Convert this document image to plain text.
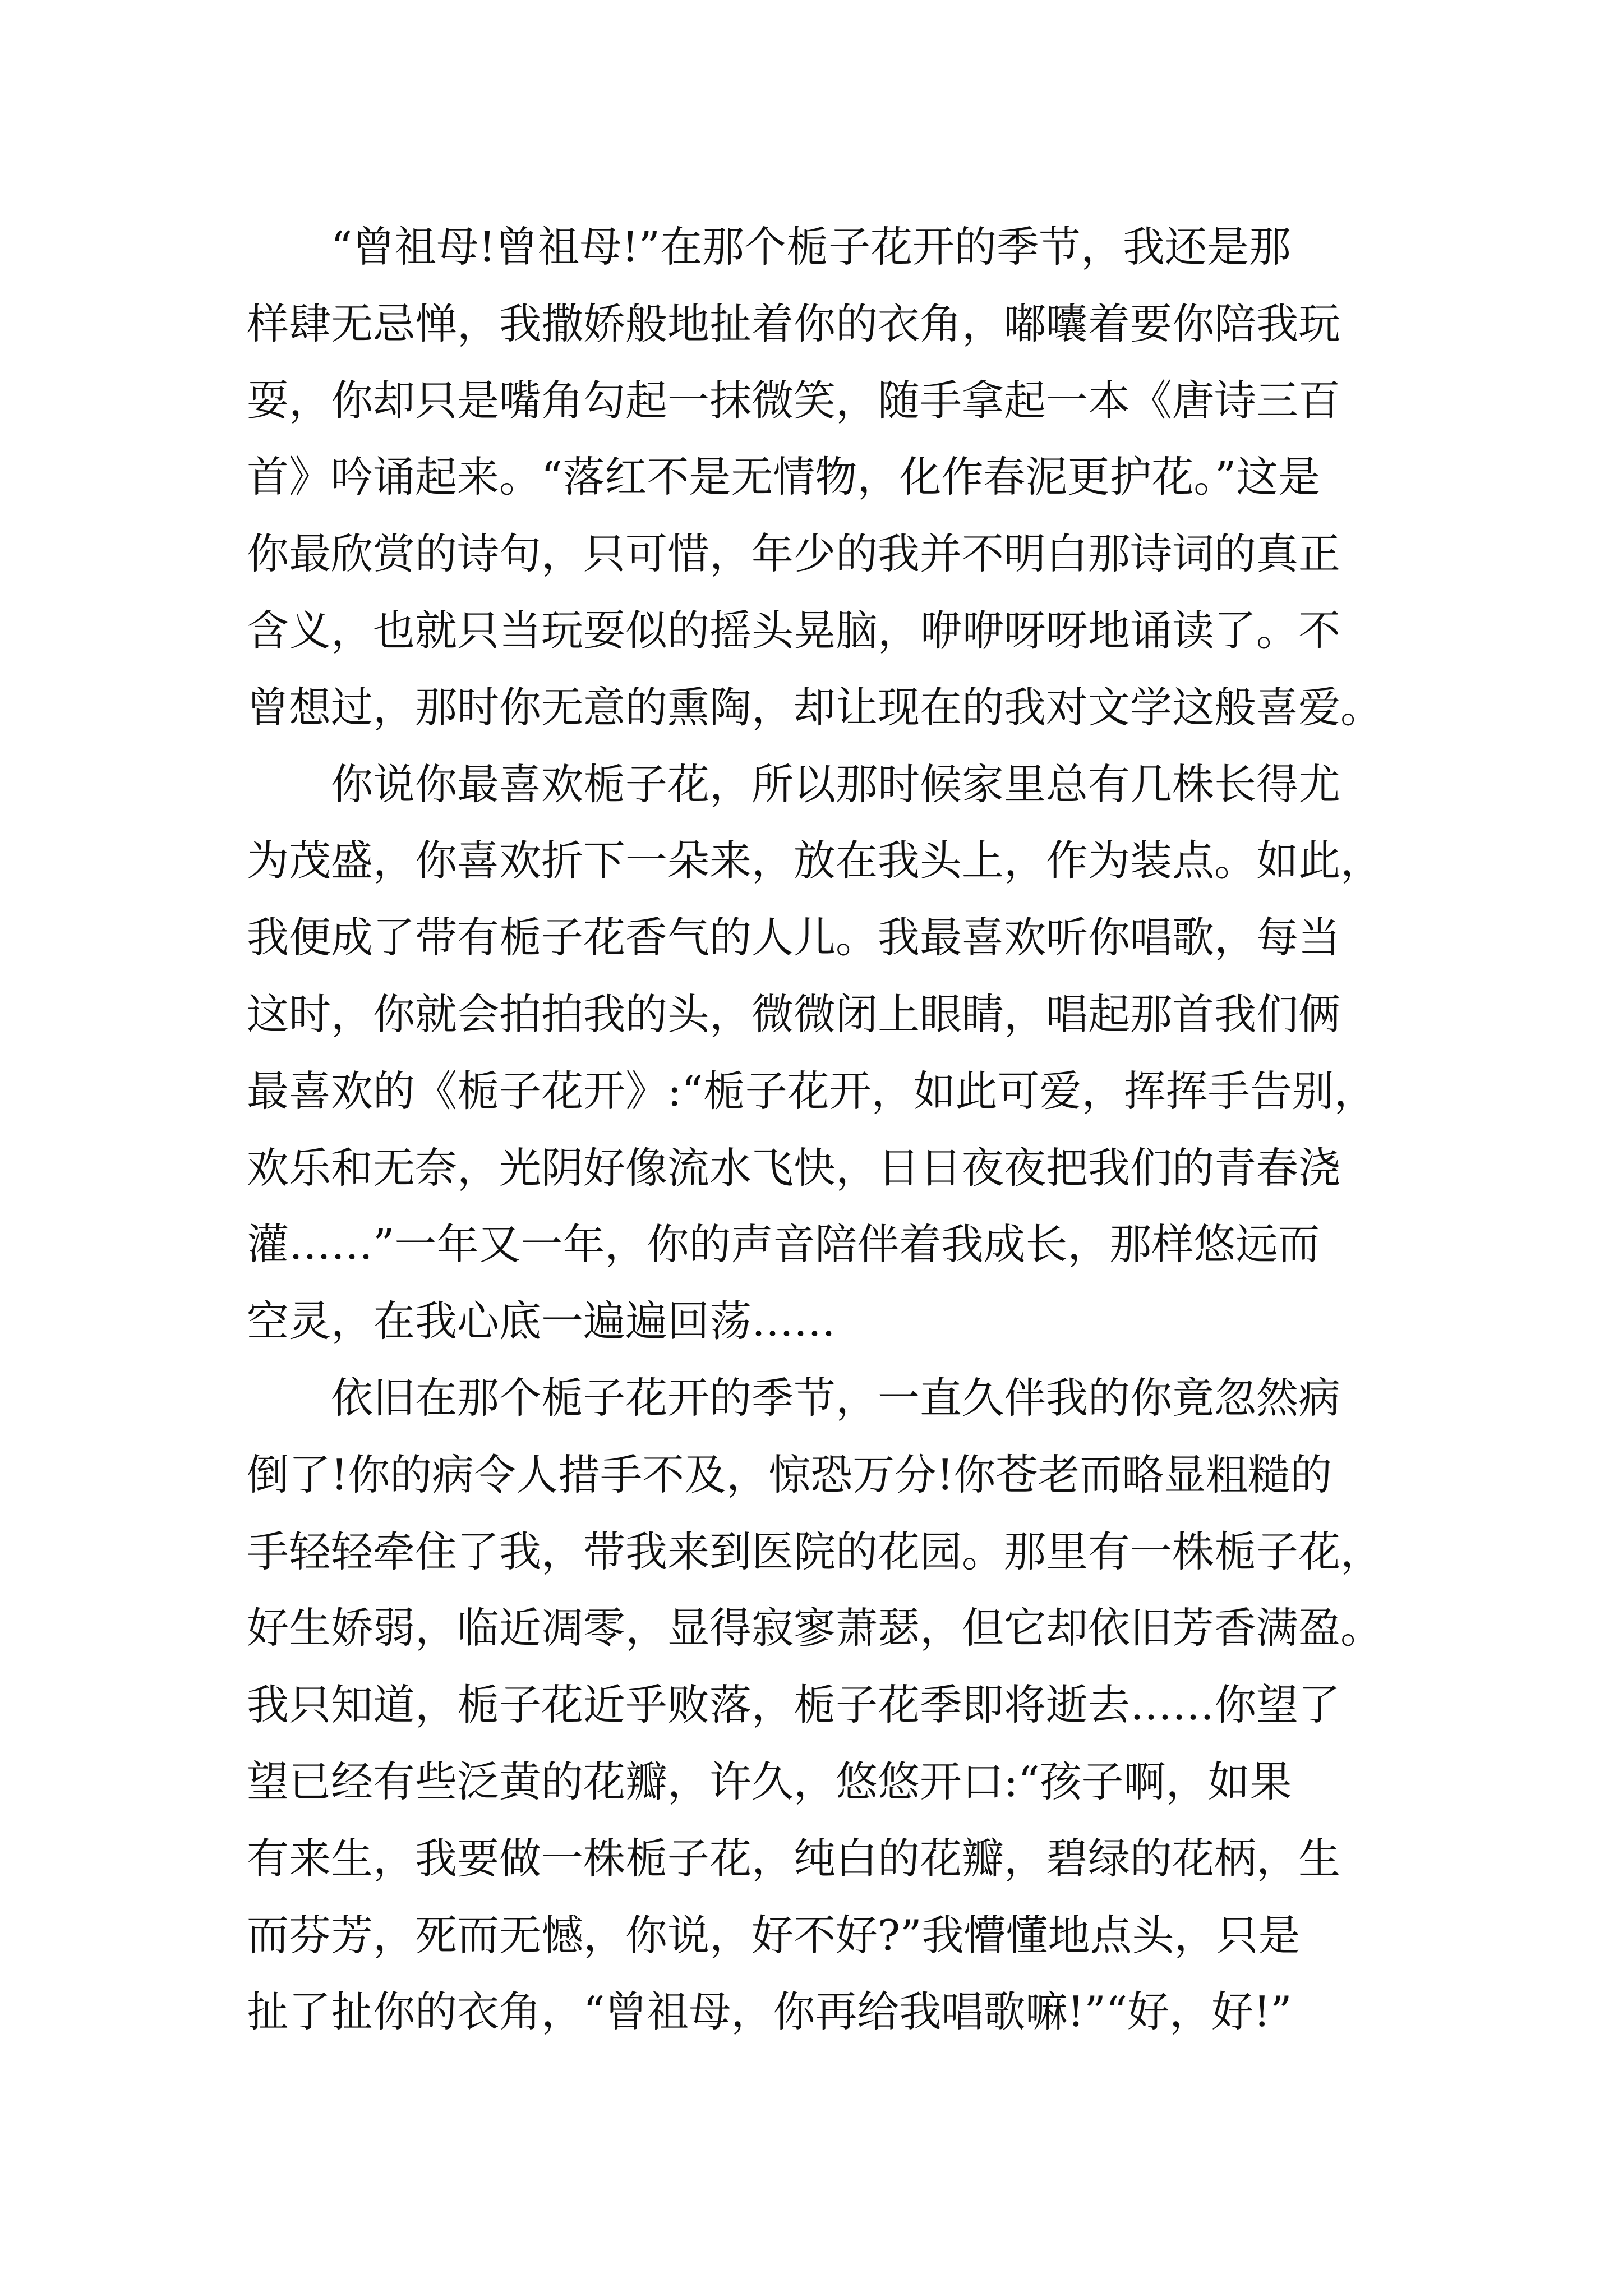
“曾祖母!曾祖母!”在那个栀子花开的季节，我还是那
样肆无忌惮，我撒娇般地扯着你的衣角，嘟囔着要你陪我玩
耍，你却只是嘴角勾起一抹微笑，随手拿起一本《唐诗三百
首》吟诵起来。“落红不是无情物，化作春泥更护花。”这是
你最欣赏的诗句，只可惜，年少的我并不明白那诗词的真正
含义，也就只当玩耍似的摇头晃脑，咿咿呀呀地诵读了。不
曾想过，那时你无意的熏陶，却让现在的我对文学这般喜爱。
你说你最喜欢栀子花，所以那时候家里总有几株长得尤
为茂盛，你喜欢折下一朵来，放在我头上，作为装点。如此，
我便成了带有栀子花香气的人儿。我最喜欢听你唱歌，每当
这时，你就会拍拍我的头，微微闭上眼睛，唱起那首我们俩
最喜欢的《栀子花开》:“栀子花开，如此可爱，挥挥手告别，
欢乐和无奈，光阴好像流水飞快，日日夜夜把我们的青春浇
灌……”一年又一年，你的声音陪伴着我成长，那样悠远而
空灵，在我心底一遍遍回荡……
依旧在那个栀子花开的季节，一直久伴我的你竟忽然病
倒了!你的病令人措手不及，惊恐万分!你苍老而略显粗糙的
手轻轻牵住了我，带我来到医院的花园。那里有一株栀子花，
好生娇弱，临近凋零，显得寂寥萧瑟，但它却依旧芳香满盈。
我只知道，栀子花近乎败落，栀子花季即将逝去……你望了
望已经有些泛黄的花瓣，许久，悠悠开口:“孩子啊，如果
有来生，我要做一株栀子花，纯白的花瓣，碧绿的花柄，生
而芬芳，死而无憾，你说，好不好?”我懵懂地点头，只是
扯了扯你的衣角，“曾祖母，你再给我唱歌嘛!”“好，好!”
